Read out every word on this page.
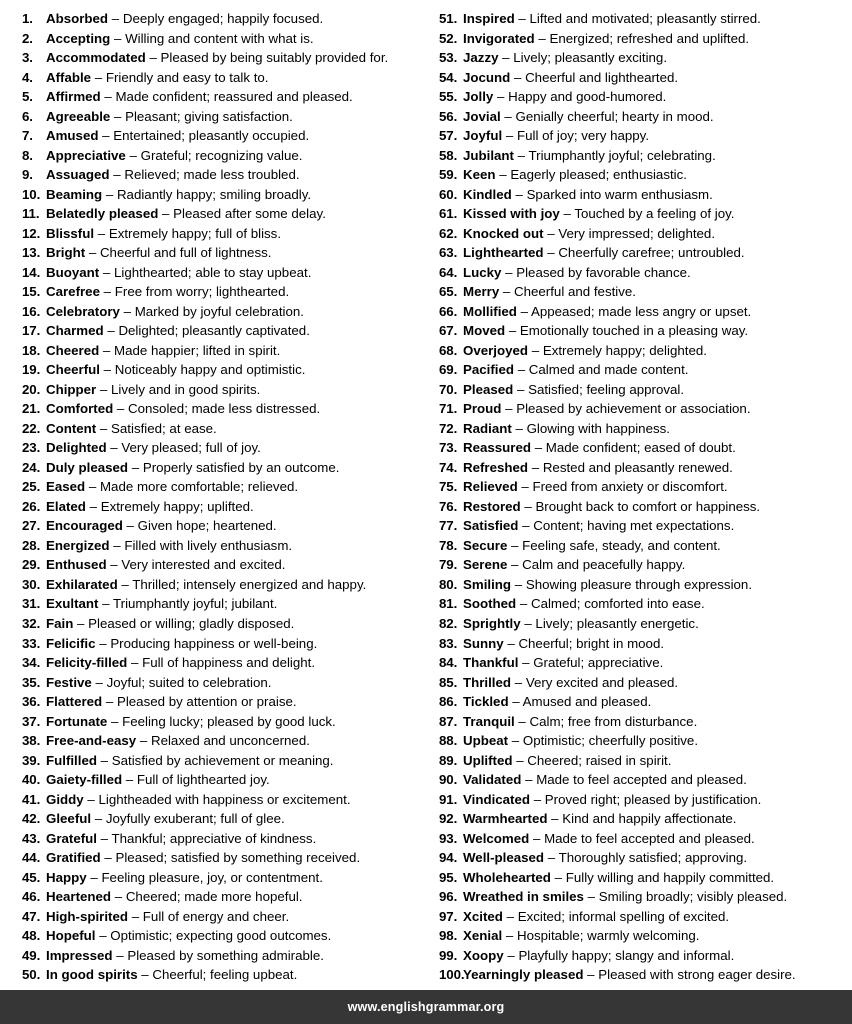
1. Absorbed – Deeply engaged; happily focused.
2. Accepting – Willing and content with what is.
3. Accommodated – Pleased by being suitably provided for.
4. Affable – Friendly and easy to talk to.
5. Affirmed – Made confident; reassured and pleased.
6. Agreeable – Pleasant; giving satisfaction.
7. Amused – Entertained; pleasantly occupied.
8. Appreciative – Grateful; recognizing value.
9. Assuaged – Relieved; made less troubled.
10. Beaming – Radiantly happy; smiling broadly.
11. Belatedly pleased – Pleased after some delay.
12. Blissful – Extremely happy; full of bliss.
13. Bright – Cheerful and full of lightness.
14. Buoyant – Lighthearted; able to stay upbeat.
15. Carefree – Free from worry; lighthearted.
16. Celebratory – Marked by joyful celebration.
17. Charmed – Delighted; pleasantly captivated.
18. Cheered – Made happier; lifted in spirit.
19. Cheerful – Noticeably happy and optimistic.
20. Chipper – Lively and in good spirits.
21. Comforted – Consoled; made less distressed.
22. Content – Satisfied; at ease.
23. Delighted – Very pleased; full of joy.
24. Duly pleased – Properly satisfied by an outcome.
25. Eased – Made more comfortable; relieved.
26. Elated – Extremely happy; uplifted.
27. Encouraged – Given hope; heartened.
28. Energized – Filled with lively enthusiasm.
29. Enthused – Very interested and excited.
30. Exhilarated – Thrilled; intensely energized and happy.
31. Exultant – Triumphantly joyful; jubilant.
32. Fain – Pleased or willing; gladly disposed.
33. Felicific – Producing happiness or well-being.
34. Felicity-filled – Full of happiness and delight.
35. Festive – Joyful; suited to celebration.
36. Flattered – Pleased by attention or praise.
37. Fortunate – Feeling lucky; pleased by good luck.
38. Free-and-easy – Relaxed and unconcerned.
39. Fulfilled – Satisfied by achievement or meaning.
40. Gaiety-filled – Full of lighthearted joy.
41. Giddy – Lightheaded with happiness or excitement.
42. Gleeful – Joyfully exuberant; full of glee.
43. Grateful – Thankful; appreciative of kindness.
44. Gratified – Pleased; satisfied by something received.
45. Happy – Feeling pleasure, joy, or contentment.
46. Heartened – Cheered; made more hopeful.
47. High-spirited – Full of energy and cheer.
48. Hopeful – Optimistic; expecting good outcomes.
49. Impressed – Pleased by something admirable.
50. In good spirits – Cheerful; feeling upbeat.
51. Inspired – Lifted and motivated; pleasantly stirred.
52. Invigorated – Energized; refreshed and uplifted.
53. Jazzy – Lively; pleasantly exciting.
54. Jocund – Cheerful and lighthearted.
55. Jolly – Happy and good-humored.
56. Jovial – Genially cheerful; hearty in mood.
57. Joyful – Full of joy; very happy.
58. Jubilant – Triumphantly joyful; celebrating.
59. Keen – Eagerly pleased; enthusiastic.
60. Kindled – Sparked into warm enthusiasm.
61. Kissed with joy – Touched by a feeling of joy.
62. Knocked out – Very impressed; delighted.
63. Lighthearted – Cheerfully carefree; untroubled.
64. Lucky – Pleased by favorable chance.
65. Merry – Cheerful and festive.
66. Mollified – Appeased; made less angry or upset.
67. Moved – Emotionally touched in a pleasing way.
68. Overjoyed – Extremely happy; delighted.
69. Pacified – Calmed and made content.
70. Pleased – Satisfied; feeling approval.
71. Proud – Pleased by achievement or association.
72. Radiant – Glowing with happiness.
73. Reassured – Made confident; eased of doubt.
74. Refreshed – Rested and pleasantly renewed.
75. Relieved – Freed from anxiety or discomfort.
76. Restored – Brought back to comfort or happiness.
77. Satisfied – Content; having met expectations.
78. Secure – Feeling safe, steady, and content.
79. Serene – Calm and peacefully happy.
80. Smiling – Showing pleasure through expression.
81. Soothed – Calmed; comforted into ease.
82. Sprightly – Lively; pleasantly energetic.
83. Sunny – Cheerful; bright in mood.
84. Thankful – Grateful; appreciative.
85. Thrilled – Very excited and pleased.
86. Tickled – Amused and pleased.
87. Tranquil – Calm; free from disturbance.
88. Upbeat – Optimistic; cheerfully positive.
89. Uplifted – Cheered; raised in spirit.
90. Validated – Made to feel accepted and pleased.
91. Vindicated – Proved right; pleased by justification.
92. Warmhearted – Kind and happily affectionate.
93. Welcomed – Made to feel accepted and pleased.
94. Well-pleased – Thoroughly satisfied; approving.
95. Wholehearted – Fully willing and happily committed.
96. Wreathed in smiles – Smiling broadly; visibly pleased.
97. Xcited – Excited; informal spelling of excited.
98. Xenial – Hospitable; warmly welcoming.
99. Xoopy – Playfully happy; slangy and informal.
100.
Yearningly pleased – Pleased with strong eager desire.
www.englishgrammar.org
